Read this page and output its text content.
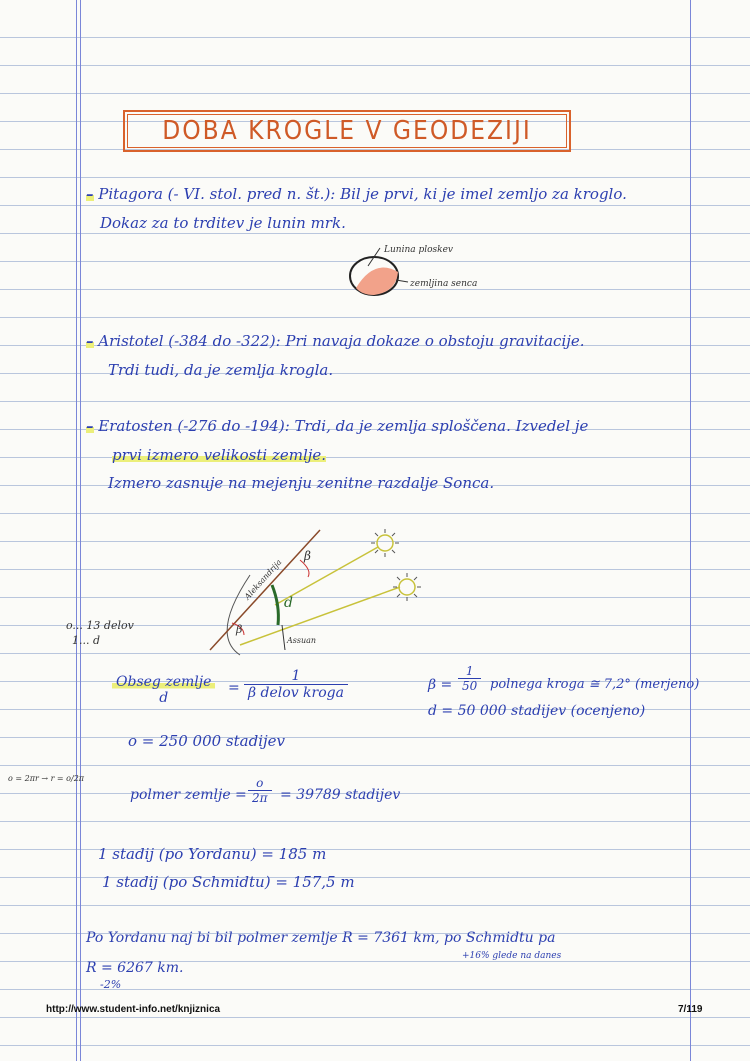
DOBA KROGLE V GEODEZIJI
– Pitagora (- VI. stol. pred n. št.): Bil je prvi, ki je imel zemljo za kroglo.
Dokaz za to trditev je lunin mrk.
Lunina ploskev
zemljina senca
– Aristotel (-384 do -322): Pri navaja dokaze o obstoju gravitacije.
Trdi tudi, da je zemlja krogla.
– Eratosten (-276 do -194): Trdi, da je zemlja sploščena. Izvedel je
prvi izmero velikosti zemlje.
Izmero zasnuje na mejenju zenitne razdalje Sonca.
β
β
d
Aleksandrija
Assuan
o... 13 delov
1... d
o = 2πr → r = o/2π
Obseg zemlje
d
=
1
β delov kroga	$\beta = \frac{1}{50}$ polnega kroga ≅ 7,2° (merjeno)
d = 50 000 stadijev (ocenjeno)
o = 250 000 stadijev
polmer zemlje = $\frac{o}{2\pi} = 39789$ stadijev
1 stadij (po Yordanu) = 185 m
1 stadij (po Schmidtu) = 157,5 m
Po Yordanu naj bi bil polmer zemlje R = 7361 km, po Schmidtu pa
+16% glede na danes
R = 6267 km.
-2%
http://www.student-info.net/knjiznica	7/119
